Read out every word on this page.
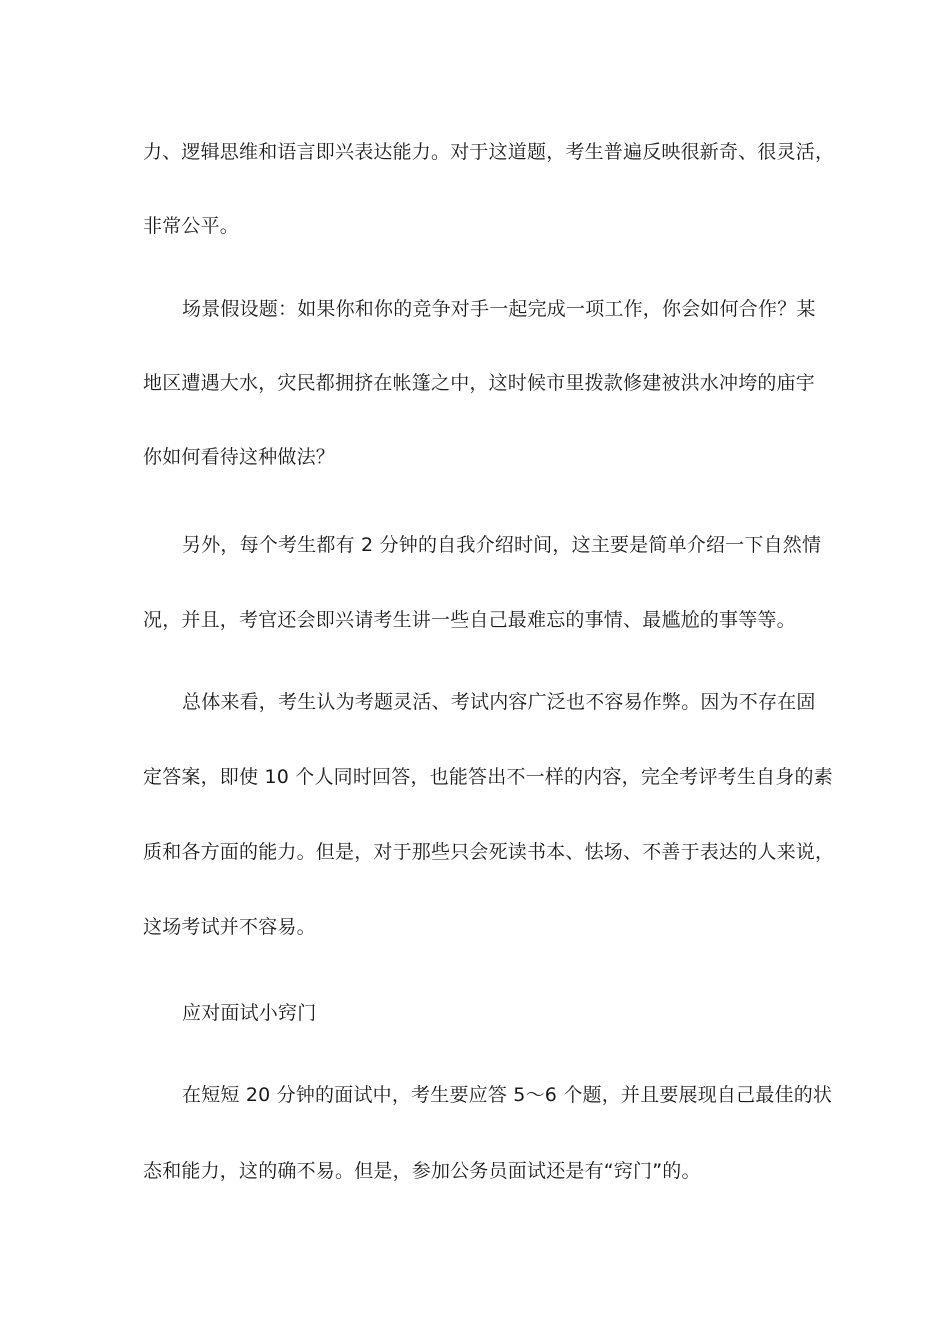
力、逻辑思维和语言即兴表达能力。对于这道题，考生普遍反映很新奇、很灵活，
非常公平。
场景假设题：如果你和你的竞争对手一起完成一项工作，你会如何合作？某
地区遭遇大水，灾民都拥挤在帐篷之中，这时候市里拨款修建被洪水冲垮的庙宇
你如何看待这种做法？
另外，每个考生都有 2 分钟的自我介绍时间，这主要是简单介绍一下自然情
况，并且，考官还会即兴请考生讲一些自己最难忘的事情、最尴尬的事等等。
总体来看，考生认为考题灵活、考试内容广泛也不容易作弊。因为不存在固
定答案，即使 10 个人同时回答，也能答出不一样的内容，完全考评考生自身的素
质和各方面的能力。但是，对于那些只会死读书本、怯场、不善于表达的人来说，
这场考试并不容易。
应对面试小窍门
在短短 20 分钟的面试中，考生要应答 5～6 个题，并且要展现自己最佳的状
态和能力，这的确不易。但是，参加公务员面试还是有“窍门”的。
